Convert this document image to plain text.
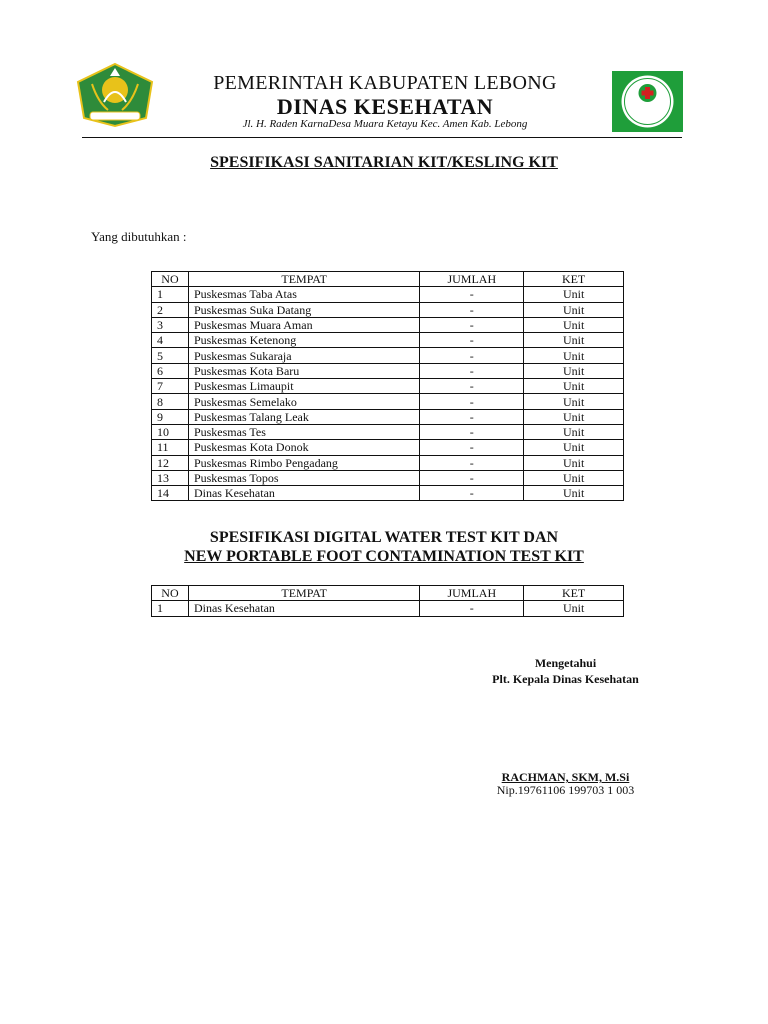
PEMERINTAH KABUPATEN LEBONG
DINAS KESEHATAN
Jl. H. Raden KarnaDesa Muara Ketayu Kec. Amen Kab. Lebong
SPESIFIKASI SANITARIAN KIT/KESLING KIT
Yang dibutuhkan :
NO	TEMPAT	JUMLAH	KET
1	Puskesmas Taba Atas	-	Unit
2	Puskesmas Suka Datang	-	Unit
3	Puskesmas Muara Aman	-	Unit
4	Puskesmas Ketenong	-	Unit
5	Puskesmas Sukaraja	-	Unit
6	Puskesmas Kota Baru	-	Unit
7	Puskesmas Limaupit	-	Unit
8	Puskesmas Semelako	-	Unit
9	Puskesmas Talang Leak	-	Unit
10	Puskesmas Tes	-	Unit
11	Puskesmas Kota Donok	-	Unit
12	Puskesmas Rimbo Pengadang	-	Unit
13	Puskesmas Topos	-	Unit
14	Dinas Kesehatan	-	Unit
SPESIFIKASI DIGITAL WATER TEST KIT DAN
NEW PORTABLE FOOT CONTAMINATION TEST KIT
NO	TEMPAT	JUMLAH	KET
1	Dinas Kesehatan	-	Unit
Mengetahui
Plt. Kepala Dinas Kesehatan
RACHMAN, SKM, M.Si
Nip.19761106 199703 1 003
